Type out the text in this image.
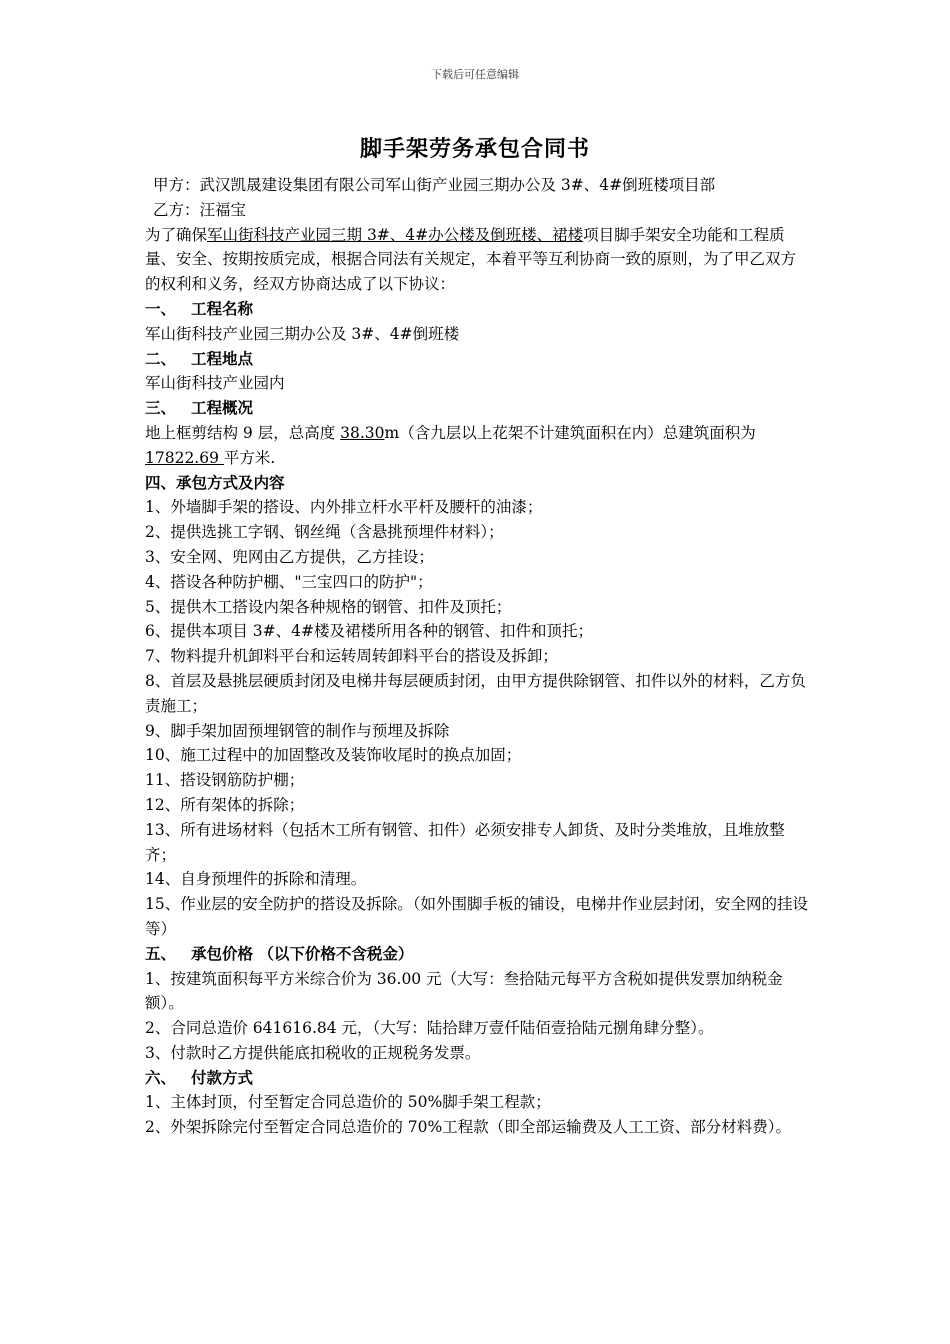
下载后可任意编辑
脚手架劳务承包合同书

甲方：武汉凯晟建设集团有限公司军山街产业园三期办公及 3#、4#倒班楼项目部

乙方：汪福宝

为了确保军山街科技产业园三期 3#、4#办公楼及倒班楼、裙楼项目脚手架安全功能和工程质量、安全、按期按质完成，根据合同法有关规定，本着平等互利协商一致的原则，为了甲乙双方的权利和义务，经双方协商达成了以下协议：

一、 工程名称

军山街科技产业园三期办公及 3#、4#倒班楼

二、 工程地点

军山街科技产业园内

三、 工程概况

地上框剪结构 9 层，总高度 38.30m（含九层以上花架不计建筑面积在内）总建筑面积为 17822.69 平方米.

四、承包方式及内容

1、外墙脚手架的搭设、内外排立杆水平杆及腰杆的油漆；

2、提供选挑工字钢、钢丝绳（含悬挑预埋件材料）；

3、安全网、兜网由乙方提供，乙方挂设；

4、搭设各种防护棚、"三宝四口的防护"；

5、提供木工搭设内架各种规格的钢管、扣件及顶托；

6、提供本项目 3#、4#楼及裙楼所用各种的钢管、扣件和顶托；

7、物料提升机卸料平台和运转周转卸料平台的搭设及拆卸；

8、首层及悬挑层硬质封闭及电梯井每层硬质封闭，由甲方提供除钢管、扣件以外的材料，乙方负责施工；

9、脚手架加固预埋钢管的制作与预埋及拆除

10、施工过程中的加固整改及装饰收尾时的换点加固；

11、搭设钢筋防护棚；

12、所有架体的拆除；

13、所有进场材料（包括木工所有钢管、扣件）必须安排专人卸货、及时分类堆放，且堆放整齐；

14、自身预埋件的拆除和清理。

15、作业层的安全防护的搭设及拆除。（如外围脚手板的铺设，电梯井作业层封闭，安全网的挂设等）

五、 承包价格 （以下价格不含税金）

1、按建筑面积每平方米综合价为 36.00 元（大写：叁拾陆元每平方含税如提供发票加纳税金额）。

2、合同总造价 641616.84 元，（大写：陆拾肆万壹仟陆佰壹拾陆元捌角肆分整）。

3、付款时乙方提供能底扣税收的正规税务发票。

六、 付款方式

1、主体封顶，付至暂定合同总造价的 50%脚手架工程款；

2、外架拆除完付至暂定合同总造价的 70%工程款（即全部运输费及人工工资、部分材料费）。
